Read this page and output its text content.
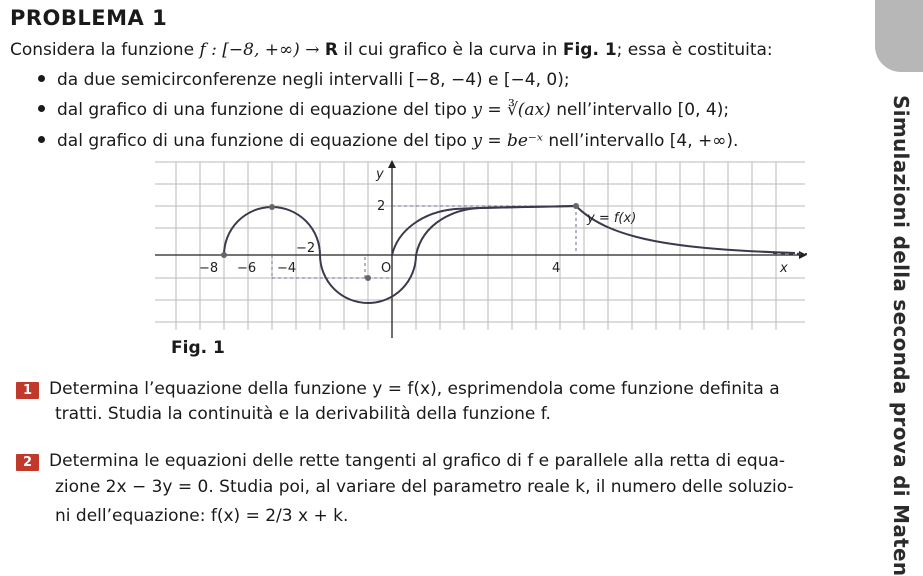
PROBLEMA 1
Considera la funzione f : [−8, +∞) → R il cui grafico è la curva in Fig. 1; essa è costituita:
da due semicirconferenze negli intervalli [−8, −4) e [−4, 0);
dal grafico di una funzione di equazione del tipo y = ∛(ax) nell’intervallo [0, 4);
dal grafico di una funzione di equazione del tipo y = be⁻ˣ nell’intervallo [4, +∞).
−8 −6 −4	O	4	x
y
2
−2
y = f(x)
Fig. 1
1 Determina l’equazione della funzione y = f(x), esprimendola come funzione definita a
tratti. Studia la continuità e la derivabilità della funzione f.
2 Determina le equazioni delle rette tangenti al grafico di f e parallele alla retta di equa-
zione 2x − 3y = 0. Studia poi, al variare del parametro reale k, il numero delle soluzio-
ni dell’equazione: f(x) = 2/3 x + k.	Simulazioni della seconda prova di Maten
